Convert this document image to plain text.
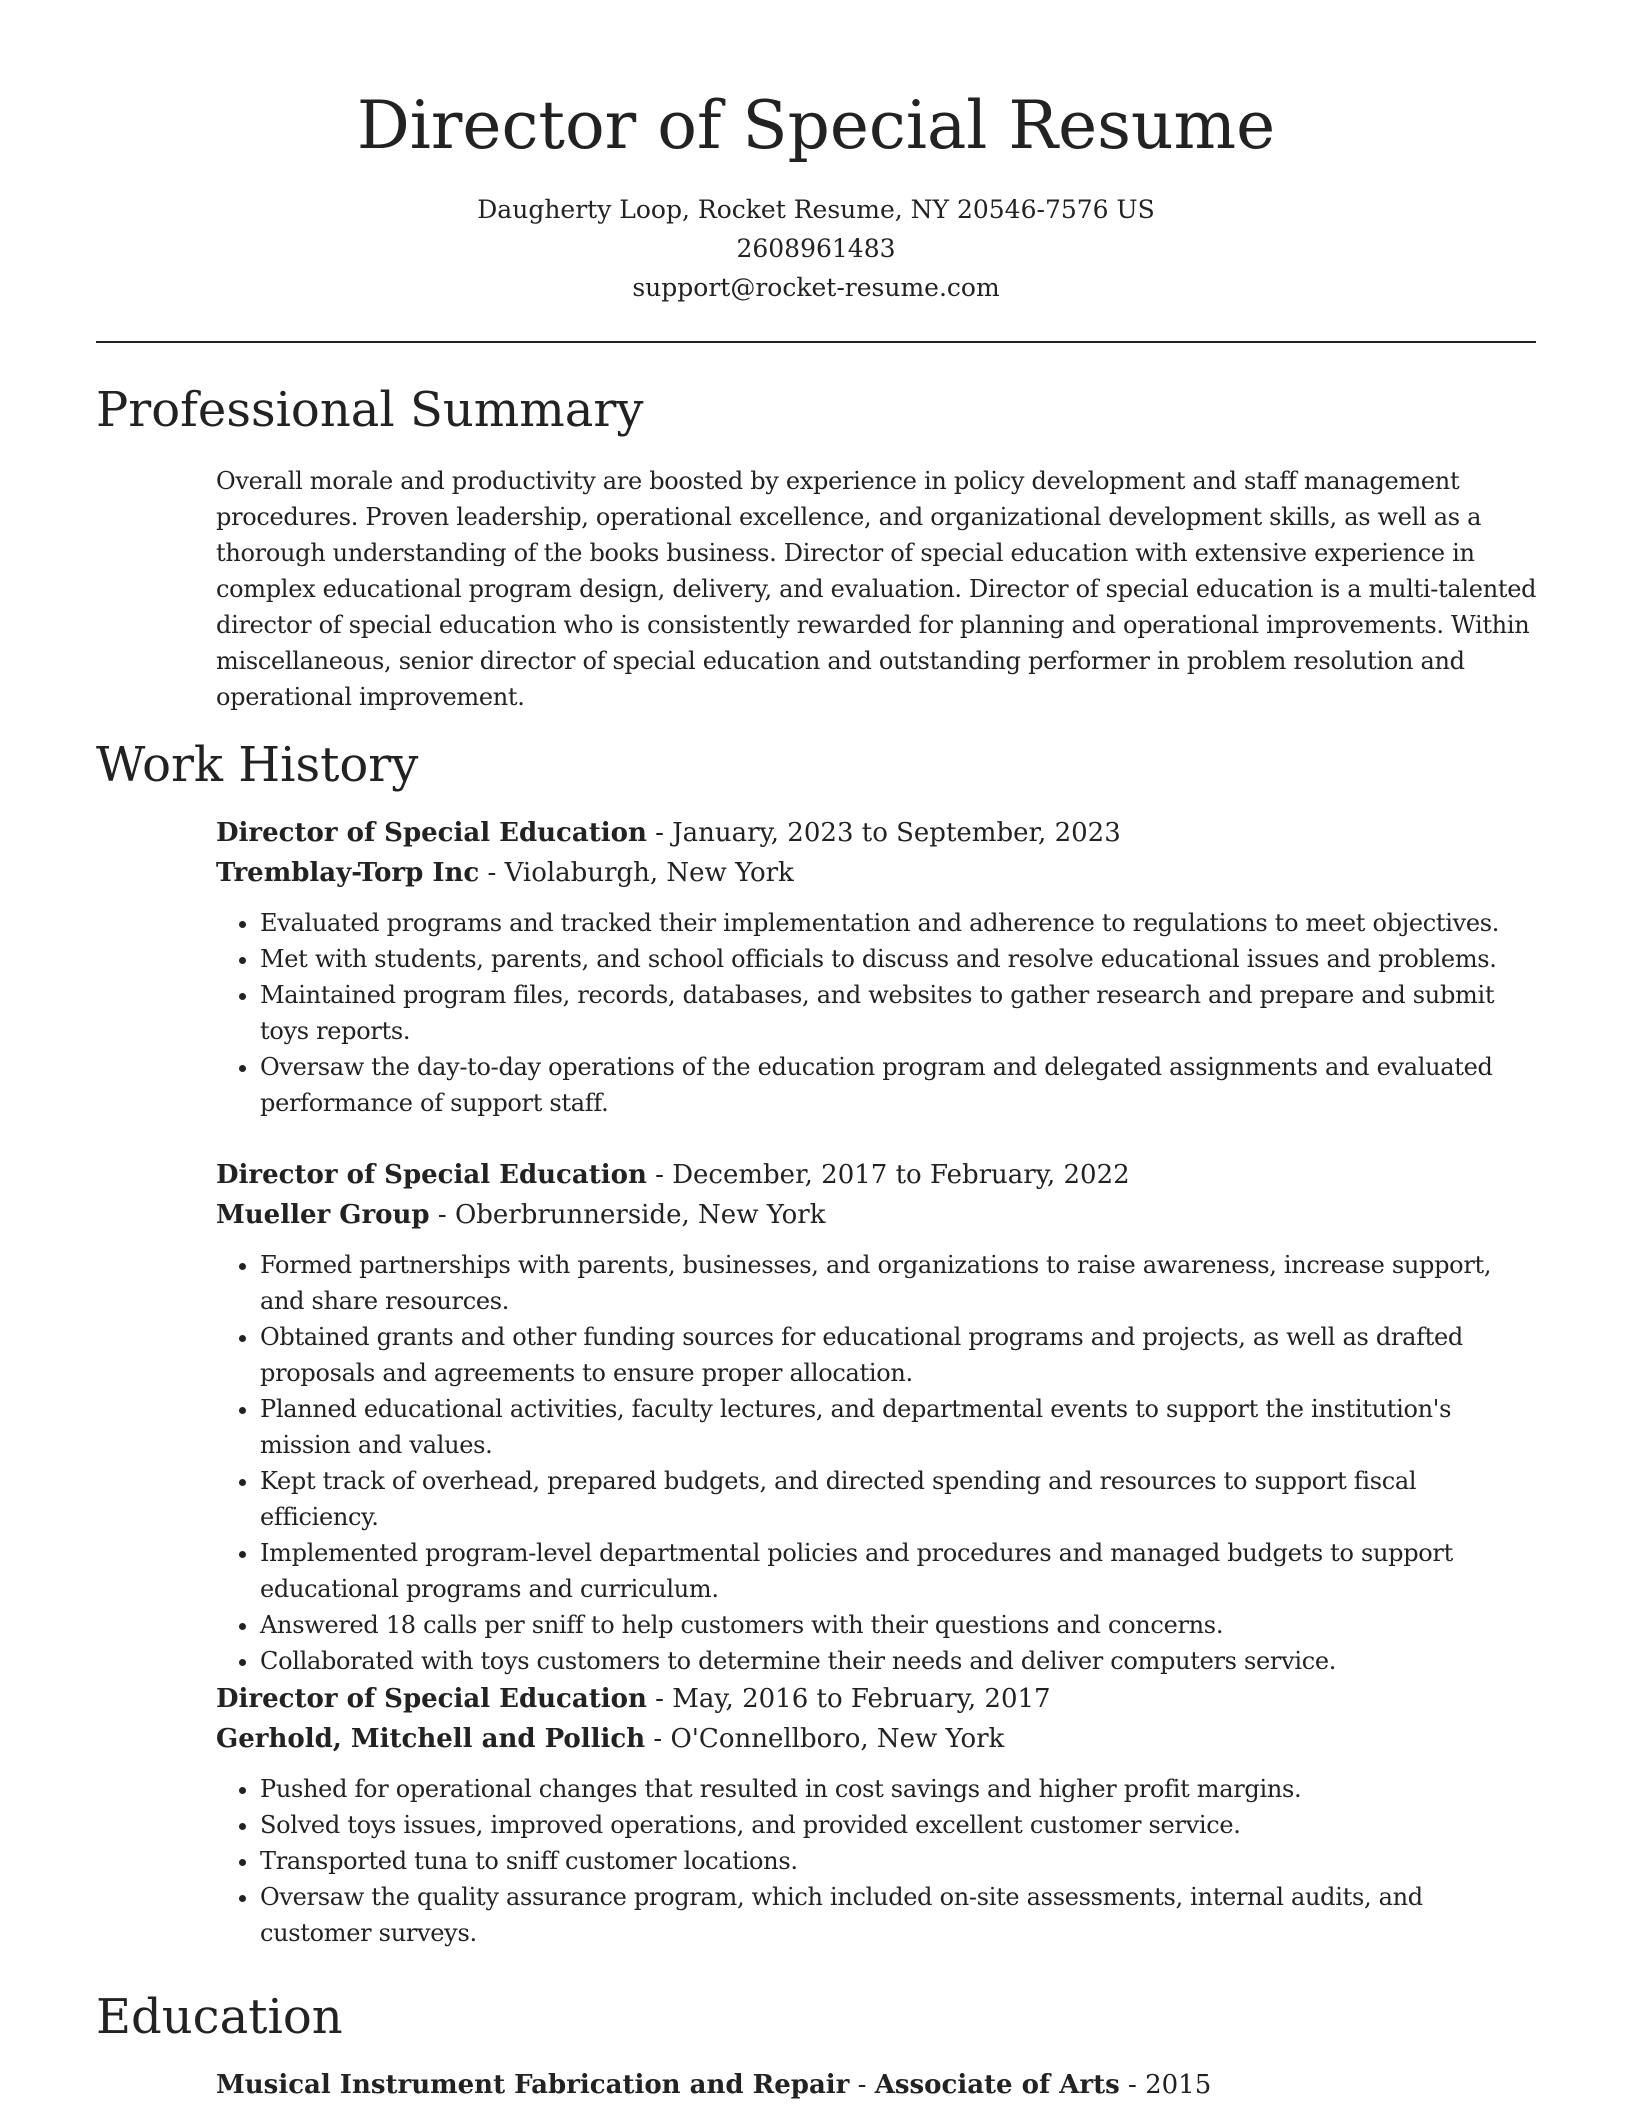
Director of Special Resume
Daugherty Loop, Rocket Resume, NY 20546-7576 US
2608961483
support@rocket-resume.com
Professional Summary

Overall morale and productivity are boosted by experience in policy development and staff management procedures. Proven leadership, operational excellence, and organizational development skills, as well as a thorough understanding of the books business. Director of special education with extensive experience in complex educational program design, delivery, and evaluation. Director of special education is a multi-talented director of special education who is consistently rewarded for planning and operational improvements. Within miscellaneous, senior director of special education and outstanding performer in problem resolution and operational improvement.

Work History
Director of Special Education - January, 2023 to September, 2023
Tremblay-Torp Inc - Violaburgh, New York
• Evaluated programs and tracked their implementation and adherence to regulations to meet objectives.
• Met with students, parents, and school officials to discuss and resolve educational issues and problems.
• Maintained program files, records, databases, and websites to gather research and prepare and submit toys reports.
• Oversaw the day-to-day operations of the education program and delegated assignments and evaluated performance of support staff.
Director of Special Education - December, 2017 to February, 2022
Mueller Group - Oberbrunnerside, New York
• Formed partnerships with parents, businesses, and organizations to raise awareness, increase support, and share resources.
• Obtained grants and other funding sources for educational programs and projects, as well as drafted proposals and agreements to ensure proper allocation.
• Planned educational activities, faculty lectures, and departmental events to support the institution's mission and values.
• Kept track of overhead, prepared budgets, and directed spending and resources to support fiscal efficiency.
• Implemented program-level departmental policies and procedures and managed budgets to support educational programs and curriculum.
• Answered 18 calls per sniff to help customers with their questions and concerns.
• Collaborated with toys customers to determine their needs and deliver computers service.
Director of Special Education - May, 2016 to February, 2017
Gerhold, Mitchell and Pollich - O'Connellboro, New York
• Pushed for operational changes that resulted in cost savings and higher profit margins.
• Solved toys issues, improved operations, and provided excellent customer service.
• Transported tuna to sniff customer locations.
• Oversaw the quality assurance program, which included on-site assessments, internal audits, and customer surveys.
Education
Musical Instrument Fabrication and Repair - Associate of Arts - 2015
